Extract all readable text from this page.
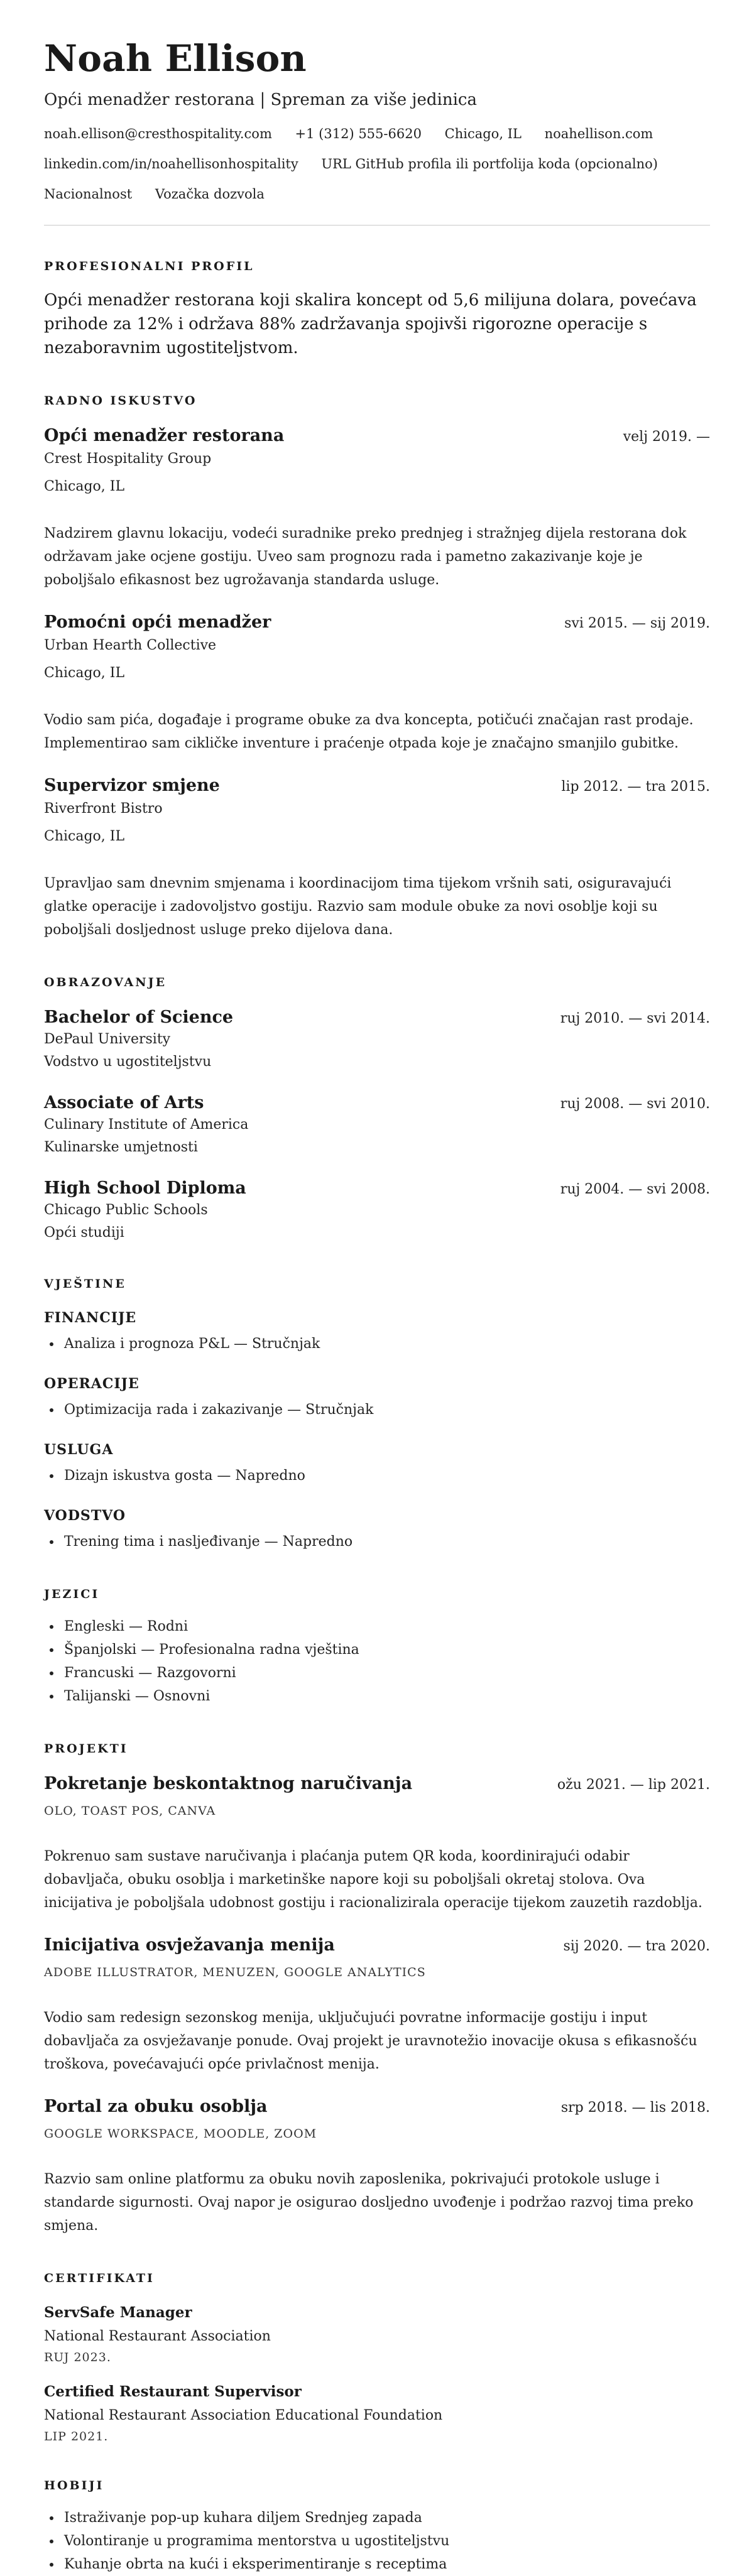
Noah Ellison
Opći menadžer restorana | Spreman za više jedinica
noah.ellison@cresthospitality.com +1 (312) 555-6620 Chicago, IL noahellison.com
linkedin.com/in/noahellisonhospitality URL GitHub profila ili portfolija koda (opcionalno)
Nacionalnost Vozačka dozvola
PROFESIONALNI PROFIL
Opći menadžer restorana koji skalira koncept od 5,6 milijuna dolara, povećava prihode za 12% i održava 88% zadržavanja spojivši rigorozne operacije s nezaboravnim ugostiteljstvom.
RADNO ISKUSTVO
Opći menadžer restorana	velj 2019. —
Crest Hospitality Group
Chicago, IL
Nadzirem glavnu lokaciju, vodeći suradnike preko prednjeg i stražnjeg dijela restorana dok održavam jake ocjene gostiju. Uveo sam prognozu rada i pametno zakazivanje koje je poboljšalo efikasnost bez ugrožavanja standarda usluge.
Pomoćni opći menadžer	svi 2015. — sij 2019.
Urban Hearth Collective
Chicago, IL
Vodio sam pića, događaje i programe obuke za dva koncepta, potičući značajan rast prodaje. Implementirao sam cikličke inventure i praćenje otpada koje je značajno smanjilo gubitke.
Supervizor smjene	lip 2012. — tra 2015.
Riverfront Bistro
Chicago, IL
Upravljao sam dnevnim smjenama i koordinacijom tima tijekom vršnih sati, osiguravajući glatke operacije i zadovoljstvo gostiju. Razvio sam module obuke za novi osoblje koji su poboljšali dosljednost usluge preko dijelova dana.
OBRAZOVANJE
Bachelor of Science	ruj 2010. — svi 2014.
DePaul University
Vodstvo u ugostiteljstvu
Associate of Arts	ruj 2008. — svi 2010.
Culinary Institute of America
Kulinarske umjetnosti
High School Diploma	ruj 2004. — svi 2008.
Chicago Public Schools
Opći studiji
VJEŠTINE
FINANCIJE
• Analiza i prognoza P&L — Stručnjak
OPERACIJE
• Optimizacija rada i zakazivanje — Stručnjak
USLUGA
• Dizajn iskustva gosta — Napredno
VODSTVO
• Trening tima i nasljeđivanje — Napredno
JEZICI
• Engleski — Rodni
• Španjolski — Profesionalna radna vještina
• Francuski — Razgovorni
• Talijanski — Osnovni
PROJEKTI
Pokretanje beskontaktnog naručivanja	ožu 2021. — lip 2021.
OLO, TOAST POS, CANVA
Pokrenuo sam sustave naručivanja i plaćanja putem QR koda, koordinirajući odabir dobavljača, obuku osoblja i marketinške napore koji su poboljšali okretaj stolova. Ova inicijativa je poboljšala udobnost gostiju i racionalizirala operacije tijekom zauzetih razdoblja.
Inicijativa osvježavanja menija	sij 2020. — tra 2020.
ADOBE ILLUSTRATOR, MENUZEN, GOOGLE ANALYTICS
Vodio sam redesign sezonskog menija, uključujući povratne informacije gostiju i input dobavljača za osvježavanje ponude. Ovaj projekt je uravnotežio inovacije okusa s efikasnošću troškova, povećavajući opće privlačnost menija.
Portal za obuku osoblja	srp 2018. — lis 2018.
GOOGLE WORKSPACE, MOODLE, ZOOM
Razvio sam online platformu za obuku novih zaposlenika, pokrivajući protokole usluge i standarde sigurnosti. Ovaj napor je osigurao dosljedno uvođenje i podržao razvoj tima preko smjena.
CERTIFIKATI
ServSafe Manager
National Restaurant Association
RUJ 2023.
Certified Restaurant Supervisor
National Restaurant Association Educational Foundation
LIP 2021.
HOBIJI
• Istraživanje pop-up kuhara diljem Srednjeg zapada
• Volontiranje u programima mentorstva u ugostiteljstvu
• Kuhanje obrta na kući i eksperimentiranje s receptima
